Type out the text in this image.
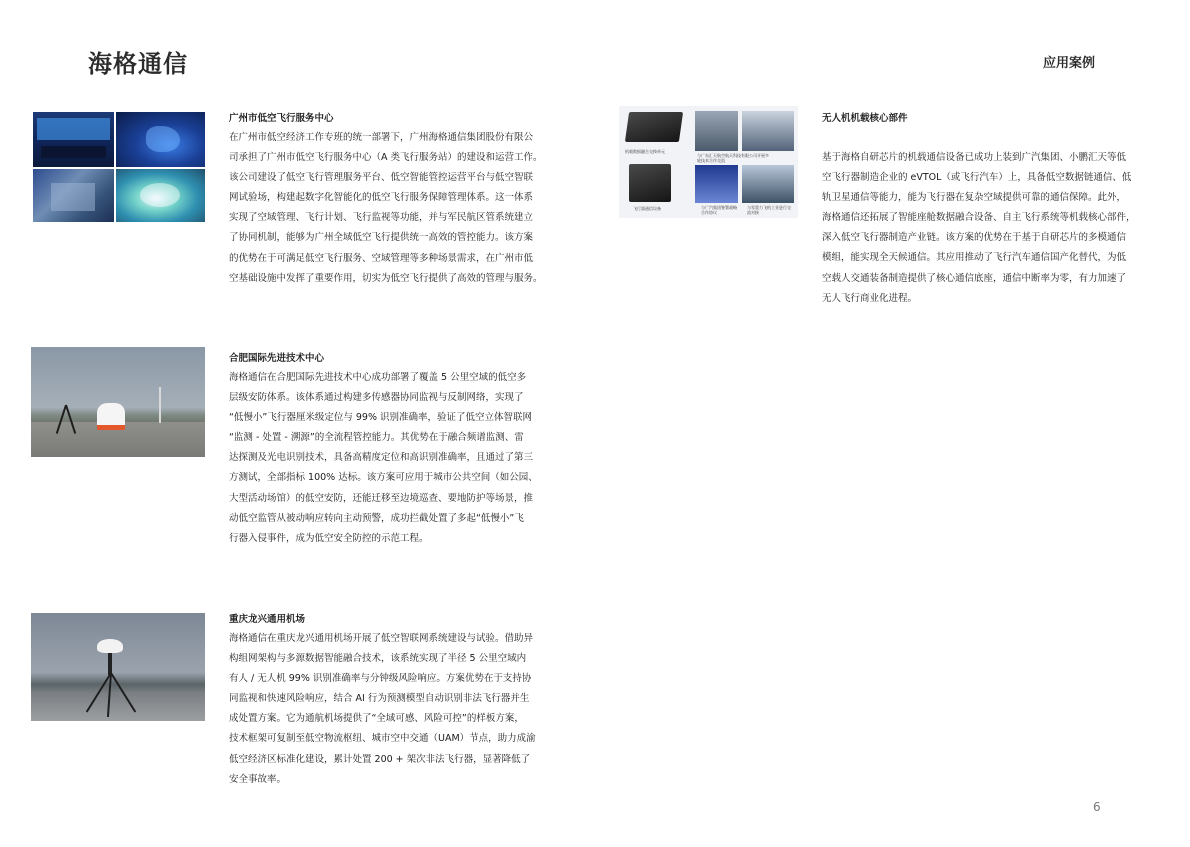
海格通信	应用案例
广州市低空飞行服务中心
在广州市低空经济工作专班的统一部署下，广州海格通信集团股份有限公
司承担了广州市低空飞行服务中心（A 类飞行服务站）的建设和运营工作。
该公司建设了低空飞行管理服务平台、低空智能管控运营平台与低空智联
网试验场，构建起数字化智能化的低空飞行服务保障管理体系。这一体系
实现了空域管理、飞行计划、飞行监视等功能，并与军民航区管系统建立
了协同机制，能够为广州全域低空飞行提供统一高效的管控能力。该方案
的优势在于可满足低空飞行服务、空域管理等多种场景需求，在广州市低
空基础设施中发挥了重要作用，切实为低空飞行提供了高效的管理与服务。
机载数据融合交换单元
与广东汇天航空航天科技有限公司开展多轮技术合作交流
飞行器通信设备	与广汽集团签署战略合作协议
与零重力飞机工业进行交流对接
无人机机载核心部件
基于海格自研芯片的机载通信设备已成功上装到广汽集团、小鹏汇天等低
空飞行器制造企业的 eVTOL（或飞行汽车）上，具备低空数据链通信、低
轨卫星通信等能力，能为飞行器在复杂空域提供可靠的通信保障。此外，
海格通信还拓展了智能座舱数据融合设备、自主飞行系统等机载核心部件，
深入低空飞行器制造产业链。该方案的优势在于基于自研芯片的多模通信
模组，能实现全天候通信。其应用推动了飞行汽车通信国产化替代，为低
空载人交通装备制造提供了核心通信底座，通信中断率为零，有力加速了
无人飞行商业化进程。
合肥国际先进技术中心
海格通信在合肥国际先进技术中心成功部署了覆盖 5 公里空域的低空多
层级安防体系。该体系通过构建多传感器协同监视与反制网络，实现了
“低慢小”飞行器厘米级定位与 99% 识别准确率，验证了低空立体智联网
“监测 - 处置 - 溯源”的全流程管控能力。其优势在于融合频谱监测、雷
达探测及光电识别技术，具备高精度定位和高识别准确率，且通过了第三
方测试，全部指标 100% 达标。该方案可应用于城市公共空间（如公园、
大型活动场馆）的低空安防，还能迁移至边境巡查、要地防护等场景，推
动低空监管从被动响应转向主动预警，成功拦截处置了多起“低慢小”飞
行器入侵事件，成为低空安全防控的示范工程。
重庆龙兴通用机场
海格通信在重庆龙兴通用机场开展了低空智联网系统建设与试验。借助异
构组网架构与多源数据智能融合技术，该系统实现了半径 5 公里空域内
有人 / 无人机 99% 识别准确率与分钟级风险响应。方案优势在于支持协
同监视和快速风险响应，结合 AI 行为预测模型自动识别非法飞行器并生
成处置方案。它为通航机场提供了“全域可感、风险可控”的样板方案，
技术框架可复制至低空物流枢纽、城市空中交通（UAM）节点，助力成渝
低空经济区标准化建设，累计处置 200 + 架次非法飞行器，显著降低了
安全事故率。
6
